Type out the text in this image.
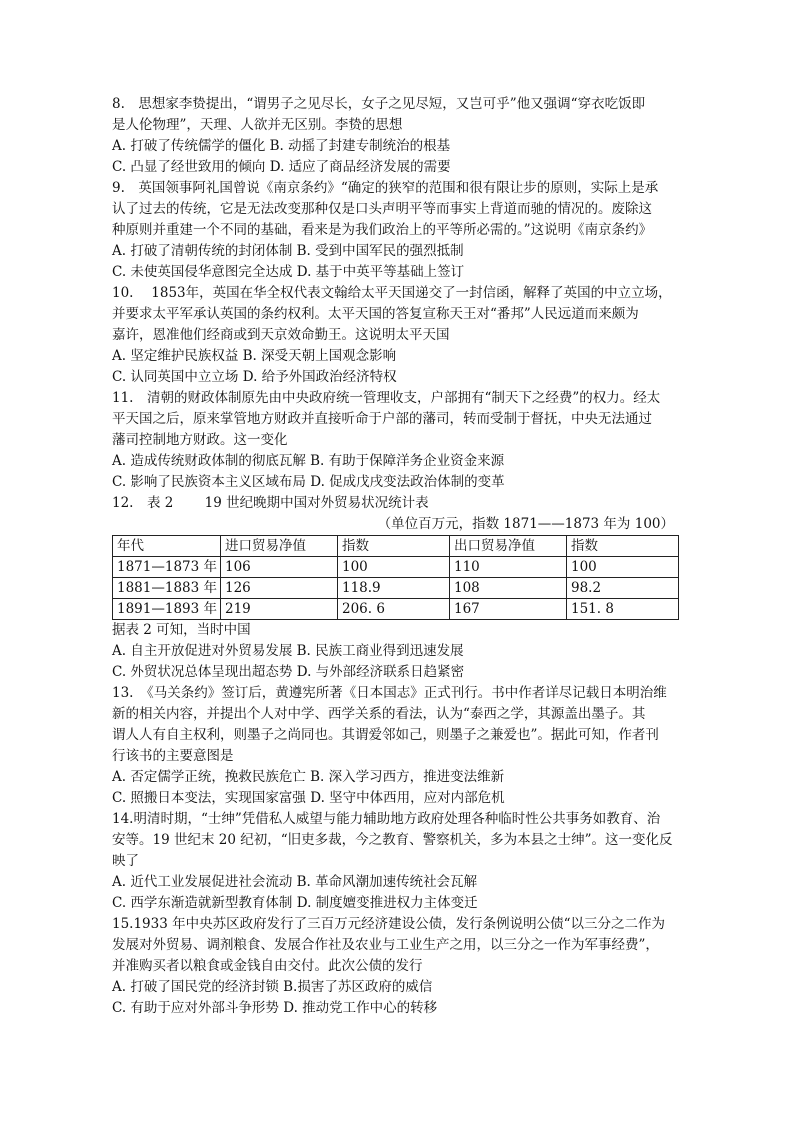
8.　思想家李贽提出，“谓男子之见尽长，女子之见尽短，又岂可乎”他又强调“穿衣吃饭即

是人伦物理”，天理、人欲并无区别。李贽的思想

A. 打破了传统儒学的僵化 B. 动摇了封建专制统治的根基

C. 凸显了经世致用的倾向 D. 适应了商品经济发展的需要

9.　英国领事阿礼国曾说《南京条约》“确定的狭窄的范围和很有限让步的原则，实际上是承

认了过去的传统，它是无法改变那种仅是口头声明平等而事实上背道而驰的情况的。废除这

种原则并重建一个不同的基础，看来是为我们政治上的平等所必需的。”这说明《南京条约》

A. 打破了清朝传统的封闭体制 B. 受到中国军民的强烈抵制

C. 未使英国侵华意图完全达成 D. 基于中英平等基础上签订

10.　 1853年，英国在华全权代表文翰给太平天国递交了一封信函，解释了英国的中立立场，

并要求太平军承认英国的条约权利。太平天国的答复宣称天王对“番邦”人民远道而来颇为

嘉许，恩准他们经商或到天京效命勤王。这说明太平天国

A. 坚定维护民族权益 B. 深受天朝上国观念影响

C. 认同英国中立立场 D. 给予外国政治经济特权

11.　清朝的财政体制原先由中央政府统一管理收支，户部拥有“制天下之经费”的权力。经太

平天国之后，原来掌管地方财政并直接听命于户部的藩司，转而受制于督抚，中央无法通过

藩司控制地方财政。这一变化

A. 造成传统财政体制的彻底瓦解 B. 有助于保障洋务企业资金来源

C. 影响了民族资本主义区域布局 D. 促成戊戌变法政治体制的变革

12.　表 2　　 19 世纪晚期中国对外贸易状况统计表

（单位百万元，指数 1871——1873 年为 100）

年代	进口贸易净值	指数	出口贸易净值	指数
1871—1873 年	106	100	110	100
1881—1883 年	126	118.9	108	98.2
1891—1893 年	219	206. 6	167	151. 8

据表 2 可知，当时中国

A. 自主开放促进对外贸易发展 B. 民族工商业得到迅速发展

C. 外贸状况总体呈现出超态势 D. 与外部经济联系日趋紧密

13.　《马关条约》签订后，黄遵宪所著《日本国志》正式刊行。书中作者详尽记载日本明治维

新的相关内容，并提出个人对中学、西学关系的看法，认为“泰西之学，其源盖出墨子。其

谓人人有自主权利，则墨子之尚同也。其谓爱邻如己，则墨子之兼爱也”。据此可知，作者刊

行该书的主要意图是

A. 否定儒学正统，挽救民族危亡 B. 深入学习西方，推进变法维新

C. 照搬日本变法，实现国家富强 D. 坚守中体西用，应对内部危机

14.明清时期，“士绅”凭借私人威望与能力辅助地方政府处理各种临时性公共事务如教育、治

安等。19 世纪末 20 纪初，“旧吏多裁，今之教育、警察机关，多为本县之士绅”。这一变化反

映了

A. 近代工业发展促进社会流动 B. 革命风潮加速传统社会瓦解

C. 西学东渐造就新型教育体制 D. 制度嬗变推进权力主体变迁

15.1933 年中央苏区政府发行了三百万元经济建设公债，发行条例说明公债“以三分之二作为

发展对外贸易、调剂粮食、发展合作社及农业与工业生产之用，以三分之一作为军事经费”，

并准购买者以粮食或金钱自由交付。此次公债的发行

A. 打破了国民党的经济封锁 B.损害了苏区政府的威信

C. 有助于应对外部斗争形势 D. 推动党工作中心的转移
